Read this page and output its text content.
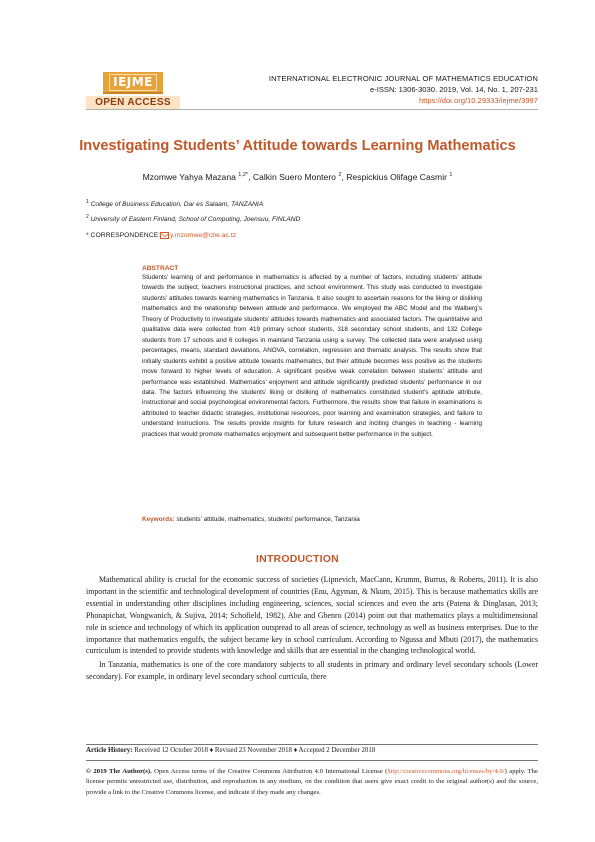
IEJME
OPEN ACCESS
INTERNATIONAL ELECTRONIC JOURNAL OF MATHEMATICS EDUCATION
e-ISSN: 1306-3030. 2019, Vol. 14, No. 1, 207-231
https://doi.org/10.29333/iejme/3997
Investigating Students’ Attitude towards Learning Mathematics
Mzomwe Yahya Mazana $^{1,2*}$, Calkin Suero Montero $^2$, Respickius Olifage Casmir $^1$
$^1$ College of Business Education, Dar es Salaam, TANZANIA
$^2$ University of Eastern Finland, School of Computing, Joensuu, FINLAND
* CORRESPONDENCE: y.mzomwe@cbe.ac.tz
ABSTRACT
Students’ learning of and performance in mathematics is affected by a number of factors, including students’ attitude towards the subject, teachers instructional practices, and school environment. This study was conducted to investigate students’ attitudes towards learning mathematics in Tanzania. It also sought to ascertain reasons for the liking or disliking mathematics and the relationship between attitude and performance. We employed the ABC Model and the Walberg’s Theory of Productivity to investigate students’ attitudes towards mathematics and associated factors. The quantitative and qualitative data were collected from 419 primary school students, 318 secondary school students, and 132 College students from 17 schools and 6 colleges in mainland Tanzania using a survey. The collected data were analysed using percentages, means, standard deviations, ANOVA, correlation, regression and thematic analysis. The results show that initially students exhibit a positive attitude towards mathematics, but their attitude becomes less positive as the students move forward to higher levels of education. A significant positive weak correlation between students’ attitude and performance was established. Mathematics’ enjoyment and attitude significantly predicted students’ performance in our data. The factors influencing the students’ liking or disliking of mathematics constituted student’s aptitude attribute, instructional and social psychological environmental factors. Furthermore, the results show that failure in examinations is attributed to teacher didactic strategies, institutional resources, poor learning and examination strategies, and failure to understand instructions. The results provide insights for future research and inciting changes in teaching - learning practices that would promote mathematics enjoyment and subsequent better performance in the subject.
Keywords: students’ attitude, mathematics, students’ performance, Tanzania
INTRODUCTION

Mathematical ability is crucial for the economic success of societies (Lipnevich, MacCann, Krumm, Burrus, & Roberts, 2011). It is also important in the scientific and technological development of countries (Enu, Agyman, & Nkum, 2015). This is because mathematics skills are essential in understanding other disciplines including engineering, sciences, social sciences and even the arts (Patena & Dinglasan, 2013; Phonapichat, Wongwanich, & Sujiva, 2014; Schofield, 1982). Abe and Gbenro (2014) point out that mathematics plays a multidimensional role in science and technology of which its application outspread to all areas of science, technology as well as business enterprises. Due to the importance that mathematics engulfs, the subject became key in school curriculum. According to Ngussa and Mbuti (2017), the mathematics curriculum is intended to provide students with knowledge and skills that are essential in the changing technological world.

In Tanzania, mathematics is one of the core mandatory subjects to all students in primary and ordinary level secondary schools (Lower secondary). For example, in ordinary level secondary school curricula, there

Article History: Received 12 October 2018 ♦ Revised 23 November 2018 ♦ Accepted 2 December 2018
© 2019 The Author(s). Open Access terms of the Creative Commons Attribution 4.0 International License (http://creativecommons.org/licenses/by/4.0/) apply. The license permits unrestricted use, distribution, and reproduction in any medium, on the condition that users give exact credit to the original author(s) and the source, provide a link to the Creative Commons license, and indicate if they made any changes.
